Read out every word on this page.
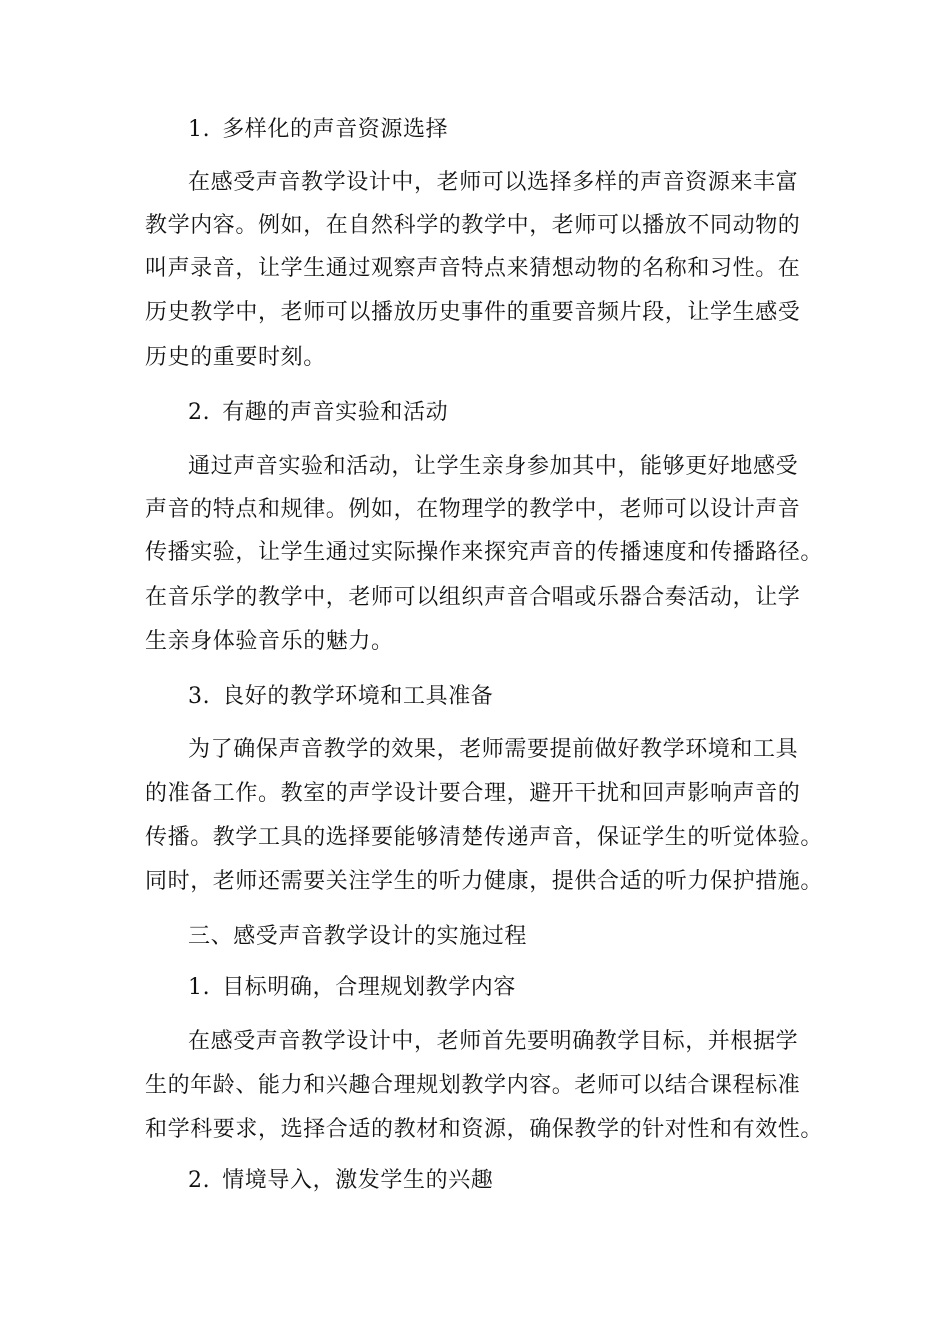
1. 多样化的声音资源选择
在感受声音教学设计中，老师可以选择多样的声音资源来丰富
教学内容。例如，在自然科学的教学中，老师可以播放不同动物的
叫声录音，让学生通过观察声音特点来猜想动物的名称和习性。在
历史教学中，老师可以播放历史事件的重要音频片段，让学生感受
历史的重要时刻。
2. 有趣的声音实验和活动
通过声音实验和活动，让学生亲身参加其中，能够更好地感受
声音的特点和规律。例如，在物理学的教学中，老师可以设计声音
传播实验，让学生通过实际操作来探究声音的传播速度和传播路径。
在音乐学的教学中，老师可以组织声音合唱或乐器合奏活动，让学
生亲身体验音乐的魅力。
3. 良好的教学环境和工具准备
为了确保声音教学的效果，老师需要提前做好教学环境和工具
的准备工作。教室的声学设计要合理，避开干扰和回声影响声音的
传播。教学工具的选择要能够清楚传递声音，保证学生的听觉体验。
同时，老师还需要关注学生的听力健康，提供合适的听力保护措施。
三、感受声音教学设计的实施过程
1. 目标明确，合理规划教学内容
在感受声音教学设计中，老师首先要明确教学目标，并根据学
生的年龄、能力和兴趣合理规划教学内容。老师可以结合课程标准
和学科要求，选择合适的教材和资源，确保教学的针对性和有效性。
2. 情境导入，激发学生的兴趣
